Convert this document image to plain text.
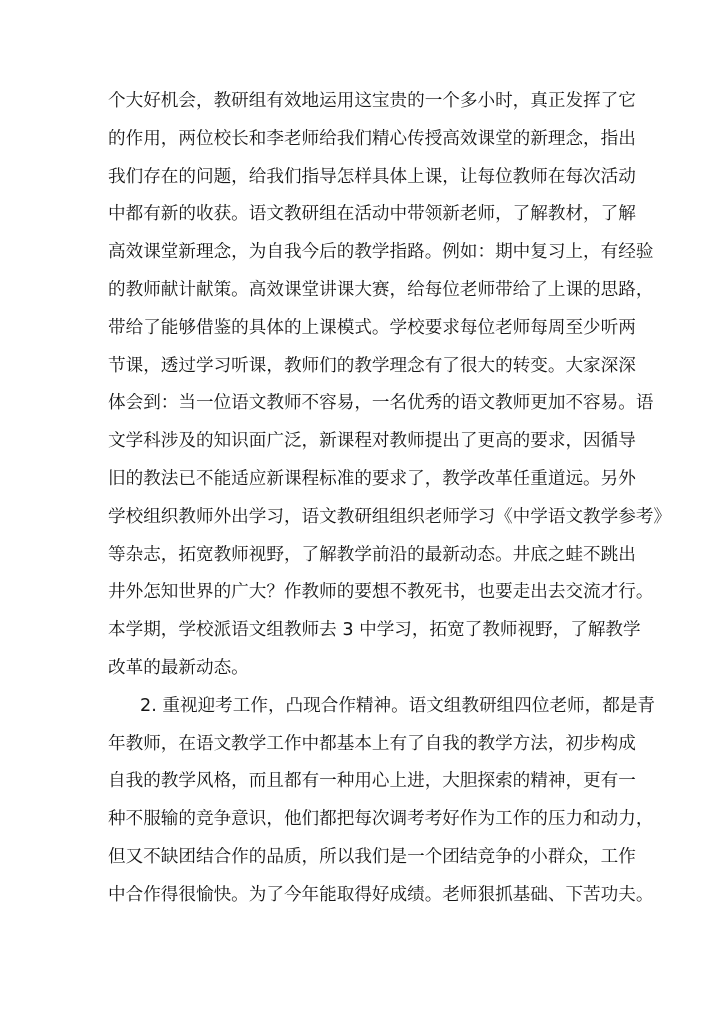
个大好机会，教研组有效地运用这宝贵的一个多小时，真正发挥了它
的作用，两位校长和李老师给我们精心传授高效课堂的新理念，指出
我们存在的问题，给我们指导怎样具体上课，让每位教师在每次活动
中都有新的收获。语文教研组在活动中带领新老师，了解教材，了解
高效课堂新理念，为自我今后的教学指路。例如：期中复习上，有经验
的教师献计献策。高效课堂讲课大赛，给每位老师带给了上课的思路，
带给了能够借鉴的具体的上课模式。学校要求每位老师每周至少听两
节课，透过学习听课，教师们的教学理念有了很大的转变。大家深深
体会到：当一位语文教师不容易，一名优秀的语文教师更加不容易。语
文学科涉及的知识面广泛，新课程对教师提出了更高的要求，因循导
旧的教法已不能适应新课程标准的要求了，教学改革任重道远。另外
学校组织教师外出学习，语文教研组组织老师学习《中学语文教学参考》
等杂志，拓宽教师视野，了解教学前沿的最新动态。井底之蛙不跳出
井外怎知世界的广大？作教师的要想不教死书，也要走出去交流才行。
本学期，学校派语文组教师去 3 中学习，拓宽了教师视野，了解教学
改革的最新动态。
2. 重视迎考工作，凸现合作精神。语文组教研组四位老师，都是青
年教师，在语文教学工作中都基本上有了自我的教学方法，初步构成
自我的教学风格，而且都有一种用心上进，大胆探索的精神，更有一
种不服输的竞争意识，他们都把每次调考考好作为工作的压力和动力，
但又不缺团结合作的品质，所以我们是一个团结竞争的小群众，工作
中合作得很愉快。为了今年能取得好成绩。老师狠抓基础、下苦功夫。
